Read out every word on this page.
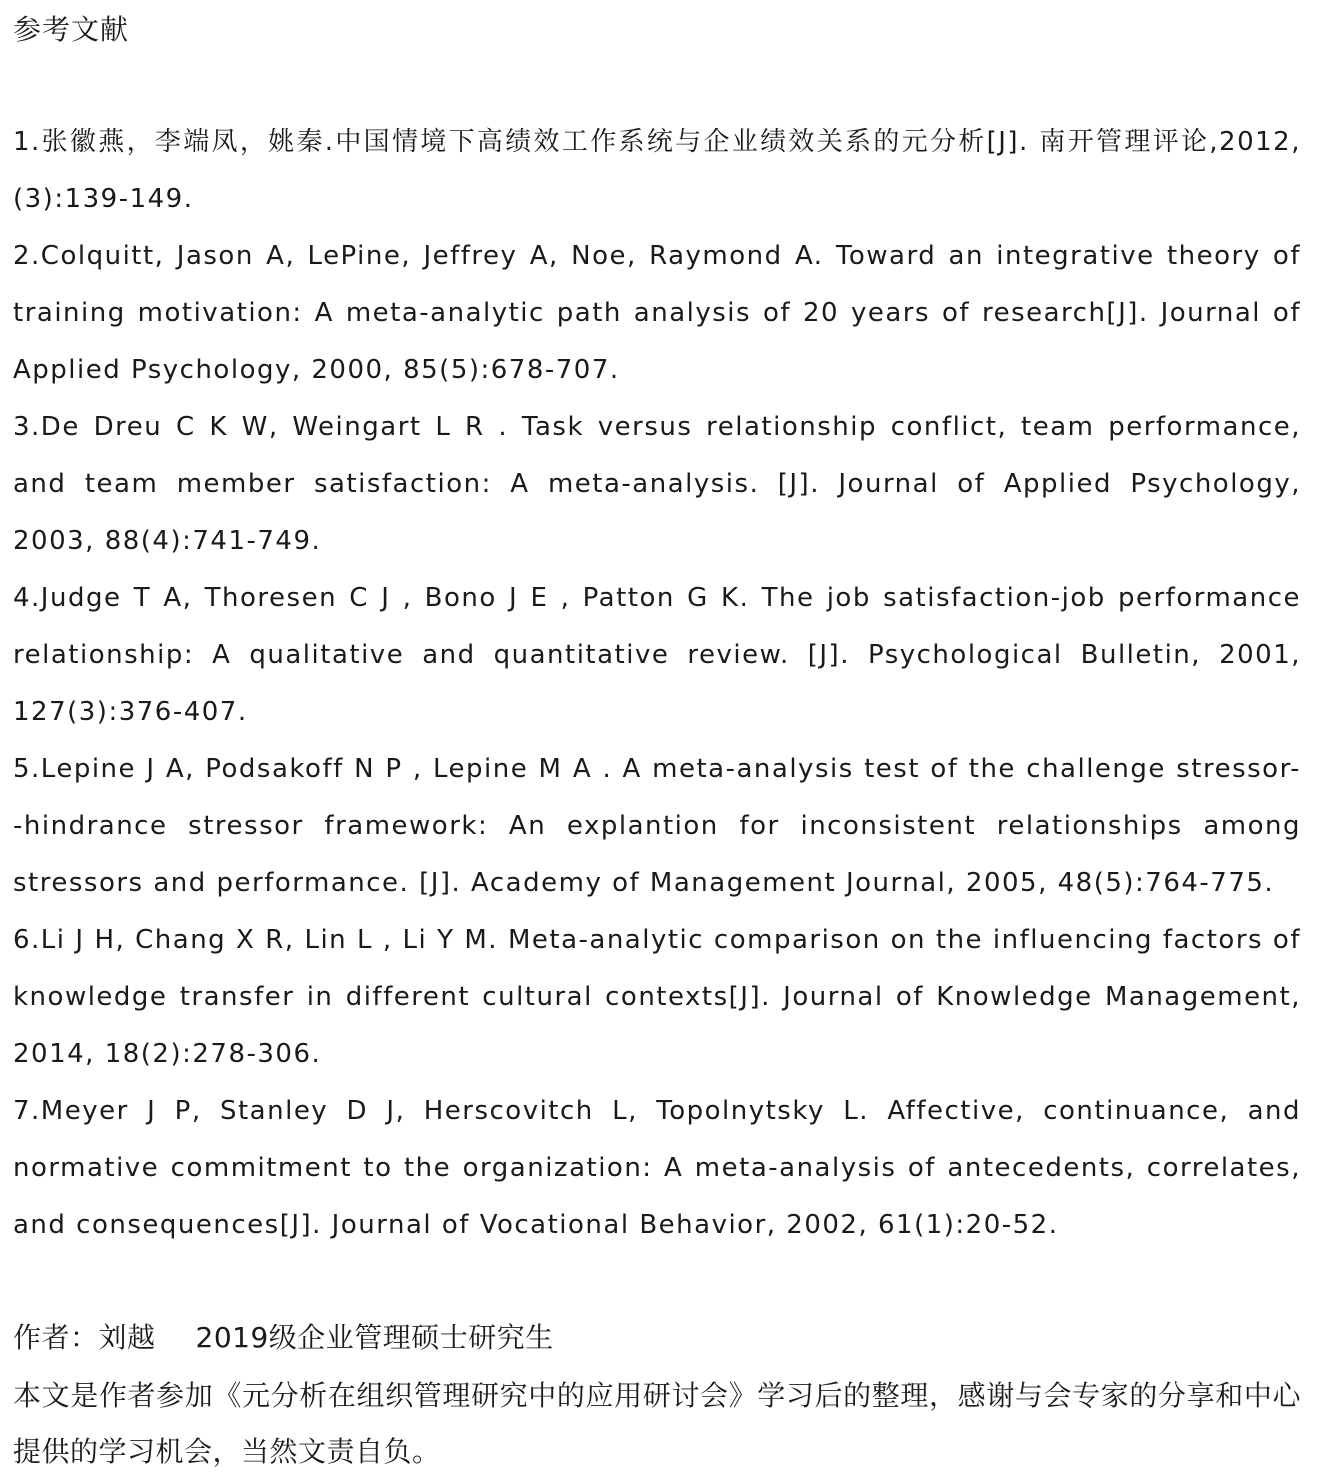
参考文献

1.张徽燕，李端凤，姚秦.中国情境下高绩效工作系统与企业绩效关系的元分析[J]. 南开管理评论,2012, (3):139-149.

2.Colquitt, Jason A, LePine, Jeffrey A, Noe, Raymond A. Toward an integrative theory of training motivation: A meta-analytic path analysis of 20 years of research[J]. Journal of Applied Psychology, 2000, 85(5):678-707.

3.De Dreu C K W, Weingart L R . Task versus relationship conflict, team performance, and team member satisfaction: A meta-analysis. [J]. Journal of Applied Psychology, 2003, 88(4):741-749.

4.Judge T A, Thoresen C J , Bono J E , Patton G K. The job satisfaction-job performance relationship: A qualitative and quantitative review. [J]. Psychological Bulletin, 2001, 127(3):376-407.

5.Lepine J A, Podsakoff N P , Lepine M A . A meta-analysis test of the challenge stressor--hindrance stressor framework: An explantion for inconsistent relationships among stressors and performance. [J]. Academy of Management Journal, 2005, 48(5):764-775.

6.Li J H, Chang X R, Lin L , Li Y M. Meta-analytic comparison on the influencing factors of knowledge transfer in different cultural contexts[J]. Journal of Knowledge Management, 2014, 18(2):278-306.

7.Meyer J P, Stanley D J, Herscovitch L, Topolnytsky L. Affective, continuance, and normative commitment to the organization: A meta-analysis of antecedents, correlates, and consequences[J]. Journal of Vocational Behavior, 2002, 61(1):20-52.

作者：刘越 2019级企业管理硕士研究生
本文是作者参加《元分析在组织管理研究中的应用研讨会》学习后的整理，感谢与会专家的分享和中心提供的学习机会，当然文责自负。
